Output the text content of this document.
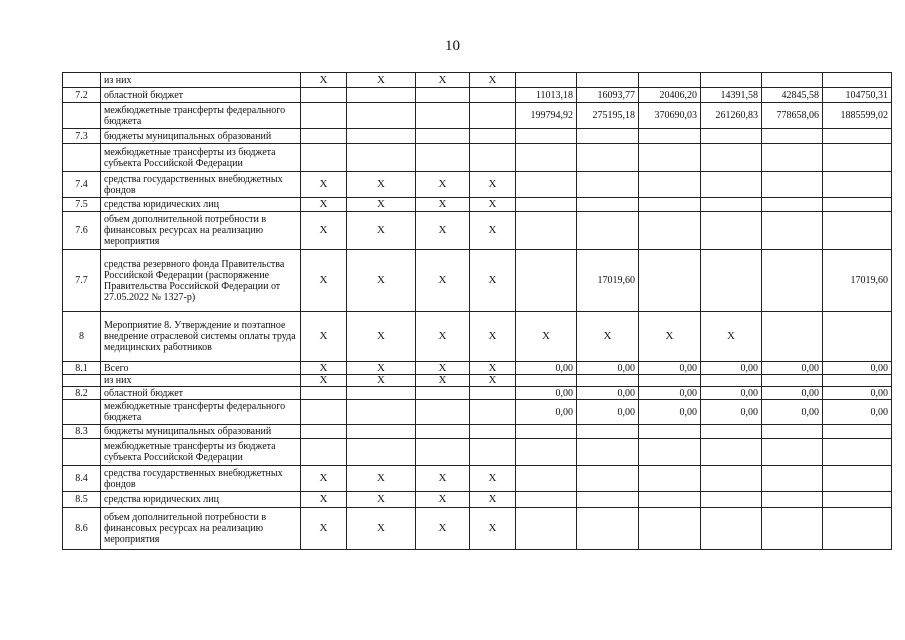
10
	из них	Х	Х	Х	Х						
7.2	областной бюджет					11013,18	16093,77	20406,20	14391,58	42845,58	104750,31
	межбюджетные трансферты федерального бюджета					199794,92	275195,18	370690,03	261260,83	778658,06	1885599,02
7.3	бюджеты муниципальных образований										
	межбюджетные трансферты из бюджета субъекта Российской Федерации										
7.4	средства государственных внебюджетных фондов	Х	Х	Х	Х						
7.5	средства юридических лиц	Х	Х	Х	Х						
7.6	объем дополнительной потребности в финансовых ресурсах на реализацию мероприятия	Х	Х	Х	Х						
7.7	средства резервного фонда Правительства Российской Федерации (распоряжение Правительства Российской Федерации от 27.05.2022 № 1327-р)	Х	Х	Х	Х		17019,60				17019,60
8	Мероприятие 8. Утверждение и поэтапное внедрение отраслевой системы оплаты труда медицинских работников	Х	Х	Х	Х	Х	Х	Х	Х		
8.1	Всего	Х	Х	Х	Х	0,00	0,00	0,00	0,00	0,00	0,00
	из них	Х	Х	Х	Х						
8.2	областной бюджет					0,00	0,00	0,00	0,00	0,00	0,00
	межбюджетные трансферты федерального бюджета					0,00	0,00	0,00	0,00	0,00	0,00
8.3	бюджеты муниципальных образований										
	межбюджетные трансферты из бюджета субъекта Российской Федерации										
8.4	средства государственных внебюджетных фондов	Х	Х	Х	Х						
8.5	средства юридических лиц	Х	Х	Х	Х						
8.6	объем дополнительной потребности в финансовых ресурсах на реализацию мероприятия	Х	Х	Х	Х						
